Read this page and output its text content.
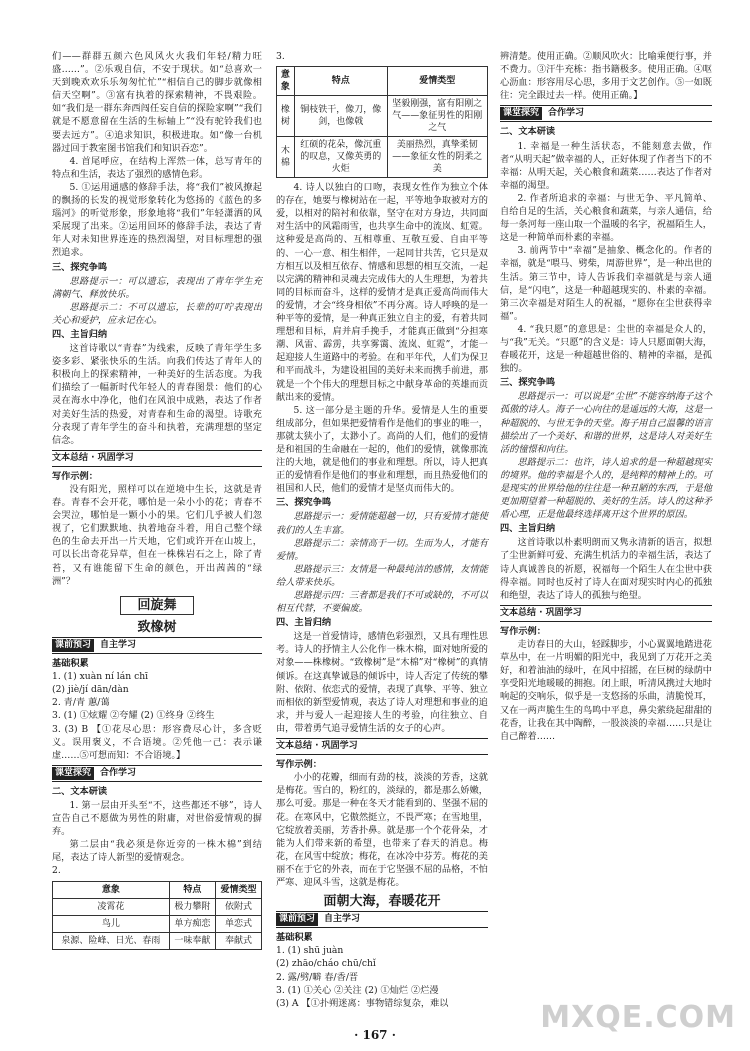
们——群群五颜六色风风火火我们年轻/精力旺盛……”。②乐观自信，不安于现状。如“总喜欢一天到晚欢欢乐乐匆匆忙忙”“相信自己的脚步就像相信天空啊”。③富有执着的探索精神，不畏艰险。如“我们是一群东奔西闯任妄自信的探险家啊”“我们就是不愿意留在生活的生标轴上”“没有驼铃我们也要去远方”。④追求知识，积极进取。如“像一台机器过回于教室图书馆我们和知识吞恋”。

4. 首尾呼应，在结构上浑然一体，总写青年的特点和生活，表达了强烈的感情色彩。

5. ①运用通感的修辞手法，将“我们”被风撩起的飘扬的长发的视觉形象转化为悠扬的《蓝色的多瑙河》的听觉形象，形象地将“我们”年轻潇洒的风采展现了出来。②运用回环的修辞手法，表达了青年人对未知世界连连的热烈渴望，对目标理想的强烈追求。

三、探究争鸣

思路提示一：可以遗忘，表现出了青年学生充满朝气、释放快乐。

思路提示二：不可以遗忘，长辈的叮咛表现出关心和爱护，应永记在心。

四、主旨归纳

这首诗歌以“青春”为线索，反映了青年学生多姿多彩、紧张快乐的生活。向我们传达了青年人的积极向上的探索精神，一种美好的生活态度。为我们描绘了一幅新时代年轻人的青春图景：他们的心灵在海水中净化，他们在风浪中成熟，表达了作者对美好生活的热爱，对青春和生命的渴望。诗歌充分表现了青年学生的奋斗和执着，充满理想的坚定信念。

文本总结 · 巩固学习
写作示例：

没有阳光，照样可以在逆境中生长，这就是青春。青春不会开花，哪怕是一朵小小的花；青春不会哭泣，哪怕是一颗小小的果。它们几乎被人们忽视了，它们默默地、执着地奋斗着，用自己整个绿色的生命去开出一片天地，它们或许开在山坡上，可以长出奇花异草，但在一株株岩石之上，除了青苔，又有谁能留下生命的颜色，开出茜茜的“绿洲”？

回旋舞
致橡树
课前预习	自主学习
基础积累

1. (1) xuàn ní lán chī

(2) jiè/jí dān/dàn

2. 青/青 蕙/蔼

3. (1) ①炫耀 ②夸耀 (2) ①终身 ②终生

3. (3) B 【①花尽心思：形容费尽心计，多含贬义。误用褒义，不合语境。②凭他一己：表示谦虚……⑤可想而知：不合语境。】

课堂探究	合作学习
二、文本研读

1. 第一层由开头至“不，这些都还不够”，诗人宣告自己不愿做为男性的附庸，对世俗爱情观的摒弃。

第二层由“我必须是你近旁的一株木棉”到结尾，表达了诗人新型的爱情观念。

2.

意象	特点	爱情类型
凌霄花	极力攀附	依附式
鸟儿	单方痴恋	单恋式
泉源、险峰、日光、春雨	一味奉献	奉献式

3.

意象	特点	爱情类型
橡树	铜枝铁干，像刀，像剑，也像戟	坚毅刚强，富有阳刚之气——象征男性的阳刚之气
木棉	红硕的花朵，像沉重的叹息，又像英勇的火炬	美丽热烈，真挚柔韧——象征女性的阴柔之美

4. 诗人以独白的口吻，表现女性作为独立个体的存在，她要与橡树站在一起，平等地争取被对方的爱，以相对的陪衬和依靠，坚守在对方身边，共同面对生活中的风霜雨雪，也共享生命中的流岚、虹霓。这种爱是高尚的、互相尊重、互敬互爱、自由平等的、一心一意、相生相伴，一起同甘共苦，它只是双方相互以及相互依存、情感和思想的相互交流，一起以完满的精神和灵魂去完成伟大的人生理想，为着共同的目标而奋斗，这样的爱情才是真正爱高尚而伟大的爱情，才会“终身相依”不再分离。诗人呼唤的是一种平等的爱情，是一种真正独立自主的爱，有着共同理想和目标，肩并肩手挽手，才能真正做到“分担寒潮、风雷、霹雳，共享雾霭、流岚、虹霓”，才能一起迎接人生道路中的考验。在和平年代，人们为保卫和平而战斗，为建设祖国的美好未来而携手前进，那就是一个个伟大的理想目标之中献身革命的英雄而贡献出来的爱情。

5. 这一部分是主题的升华。爱情是人生的重要组成部分，但如果把爱情看作是他们的事业的唯一，那就太狭小了，太渺小了。高尚的人们，他们的爱情是和祖国的生命融在一起的，他们的爱情，就像那流注的大地，就是他们的事业和理想。所以，诗人把真正的爱情看作是他们的事业和理想，而且热爱他们的祖国和人民，他们的爱情才是坚贞而伟大的。

三、探究争鸣

思路提示一：爱情能超越一切，只有爱情才能使我们的人生丰富。

思路提示二：亲情高于一切。生而为人，才能有爱情。

思路提示三：友情是一种最纯洁的感情，友情能给人带来快乐。

思路提示四：三者都是我们不可或缺的，不可以相互代替，不要偏废。

四、主旨归纳

这是一首爱情诗，感情色彩强烈，又具有理性思考。诗人的抒情主人公化作一株木棉，面对她所爱的对象——株橡树。“致橡树”是“木棉”对“橡树”的真情倾诉。在这真挚诚恳的倾诉中，诗人否定了传统的攀附、依附、依恋式的爱情，表现了真挚、平等、独立而相依的新型爱情观，表达了诗人对理想和事业的追求，并与爱人一起迎接人生的考验，向往独立、自由，带着勇气追寻爱情生活的女子的心声。

文本总结 · 巩固学习
写作示例：

小小的花瓣，细而有劲的枝，淡淡的芳香，这就是梅花。雪白的，粉红的，淡绿的，都是那么娇嫩，那么可爱。那是一种在冬天才能看到的、坚强不屈的花。在寒风中，它傲然挺立，不畏严寒；在雪地里，它绽放着美丽，芳香扑鼻。就是那一个个花骨朵，才能为人们带来新的希望，也带来了春天的消息。梅花，在风雪中绽放；梅花，在冰冷中芬芳。梅花的美丽不在于它的外表，而在于它坚强不屈的品格，不怕严寒、迎风斗雪，这就是梅花。

面朝大海，春暖花开
课前预习	自主学习
基础积累

1. (1) shū juàn

(2) zhāo/cháo chū/chǐ

2. 露/劈/噼 春/香/晋

3. (1) ①关心 ②关注 (2) ①灿烂 ②烂漫

(3) A 【①扑朔迷离：事物错综复杂，难以

辨清楚。使用正确。②顺风吹火：比喻乘便行事，并不费力。③汗牛充栋：指书籍极多。使用正确。④呕心沥血：形容用尽心思，多用于文艺创作。⑤一如既往：完全跟过去一样。使用正确。】

课堂探究	合作学习
二、文本研读

1. 幸福是一种生活状态，不能刻意去做，作者“从明天起”做幸福的人，正好体现了作者当下的不幸福：从明天起，关心粮食和蔬菜……表达了作者对幸福的渴望。

2. 作者所追求的幸福：与世无争、平凡简单、自给自足的生活，关心粮食和蔬菜，与亲人通信，给每一条河每一座山取一个温暖的名字，祝福陌生人，这是一种简单而朴素的幸福。

3. 前两节中“幸福”是抽象、概念化的。作者的幸福，就是“喂马、劈柴，周游世界”，是一种出世的生活。第三节中，诗人告诉我们幸福就是与亲人通信，是“闪电”，这是一种超越现实的、朴素的幸福。第三次幸福是对陌生人的祝福，“愿你在尘世获得幸福”。

4. “我只愿”的意思是：尘世的幸福是众人的，与“我”无关。“只愿”的含义是：诗人只愿面朝大海，春暖花开，这是一种超越世俗的、精神的幸福，是孤独的。

三、探究争鸣

思路提示一：可以说是“尘世”不能容纳海子这个孤傲的诗人。海子一心向往的是遥远的大海，这是一种超脱的、与世无争的天堂。海子用自己温馨的语言描绘出了一个美好、和谐的世界，这是诗人对美好生活的憧憬和向往。

思路提示二：也许，诗人追求的是一种超越现实的境界。他的幸福是个人的，是纯粹的精神上的。可是现实的世界给他的往往是一种丑陋的东西，于是他更加期望着一种超脱的、美好的生活。诗人的这种矛盾心理，正是他最终选择离开这个世界的原因。

四、主旨归纳

这首诗歌以朴素明朗而又隽永清新的语言，拟想了尘世新鲜可爱、充满生机活力的幸福生活，表达了诗人真诚善良的祈愿，祝福每一个陌生人在尘世中获得幸福。同时也反衬了诗人在面对现实时内心的孤独和绝望，表达了诗人的孤独与绝望。

文本总结 · 巩固学习
写作示例：

走访春日的大山，轻踩脚步，小心翼翼地踏进花草丛中，在一片明媚的阳光中，我见到了万花开之美好，和着油油的绿叶，在风中招摇，在巨树的绿荫中享受阳光地暖暖的拥抱。闭上眼，听清风携过大地时响起的交响乐，似乎是一支悠扬的乐曲，清脆悦耳，又在一两声脆生生的鸟鸣中平息，鼻尖萦绕起甜甜的花香，让我在其中陶醉，一股淡淡的幸福……只是让自己醉着……

· 167 ·	MXQE.COM
